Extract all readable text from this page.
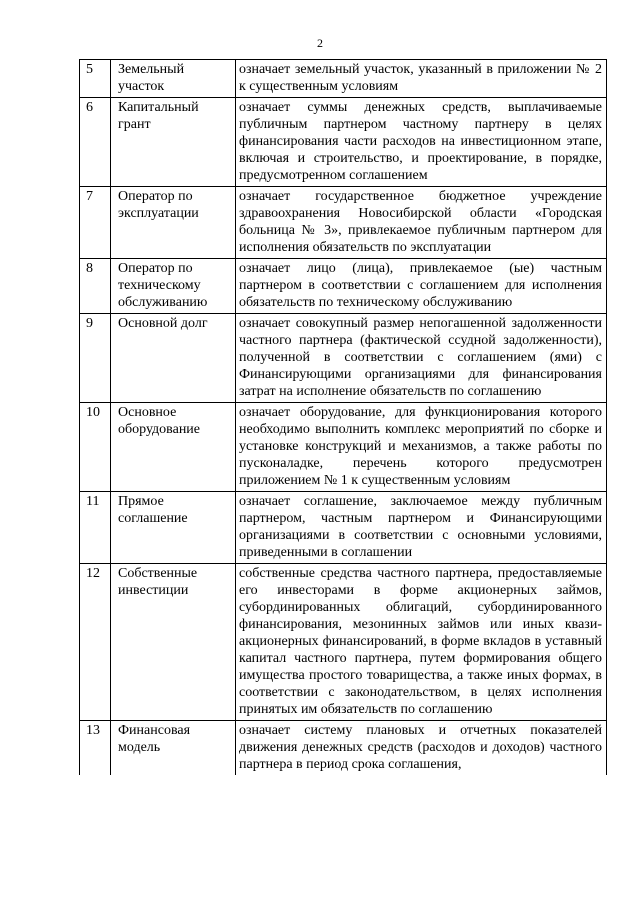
2
5	Земельный участок	означает земельный участок, указанный в приложении № 2 к существенным условиям
6	Капитальный грант	означает суммы денежных средств, выплачиваемые публичным партнером частному партнеру в целях финансирования части расходов на инвестиционном этапе, включая и строительство, и проектирование, в порядке, предусмотренном соглашением
7	Оператор по эксплуатации	означает государственное бюджетное учреждение здравоохранения Новосибирской области «Городская больница № 3», привлекаемое публичным партнером для исполнения обязательств по эксплуатации
8	Оператор по техническому обслуживанию	означает лицо (лица), привлекаемое (ые) частным партнером в соответствии с соглашением для исполнения обязательств по техническому обслуживанию
9	Основной долг	означает совокупный размер непогашенной задолженности частного партнера (фактической ссудной задолженности), полученной в соответствии с соглашением (ями) с Финансирующими организациями для финансирования затрат на исполнение обязательств по соглашению
10	Основное оборудование	означает оборудование, для функционирования которого необходимо выполнить комплекс мероприятий по сборке и установке конструкций и механизмов, а также работы по пусконаладке, перечень которого предусмотрен приложением № 1 к существенным условиям
11	Прямое соглашение	означает соглашение, заключаемое между публичным партнером, частным партнером и Финансирующими организациями в соответствии с основными условиями, приведенными в соглашении
12	Собственные инвестиции	собственные средства частного партнера, предоставляемые его инвесторами в форме акционерных займов, субординированных облигаций, субординированного финансирования, мезонинных займов или иных квази-акционерных финансирований, в форме вкладов в уставный капитал частного партнера, путем формирования общего имущества простого товарищества, а также иных формах, в соответствии с законодательством, в целях исполнения принятых им обязательств по соглашению
13	Финансовая модель	означает систему плановых и отчетных показателей движения денежных средств (расходов и доходов) частного партнера в период срока соглашения,
